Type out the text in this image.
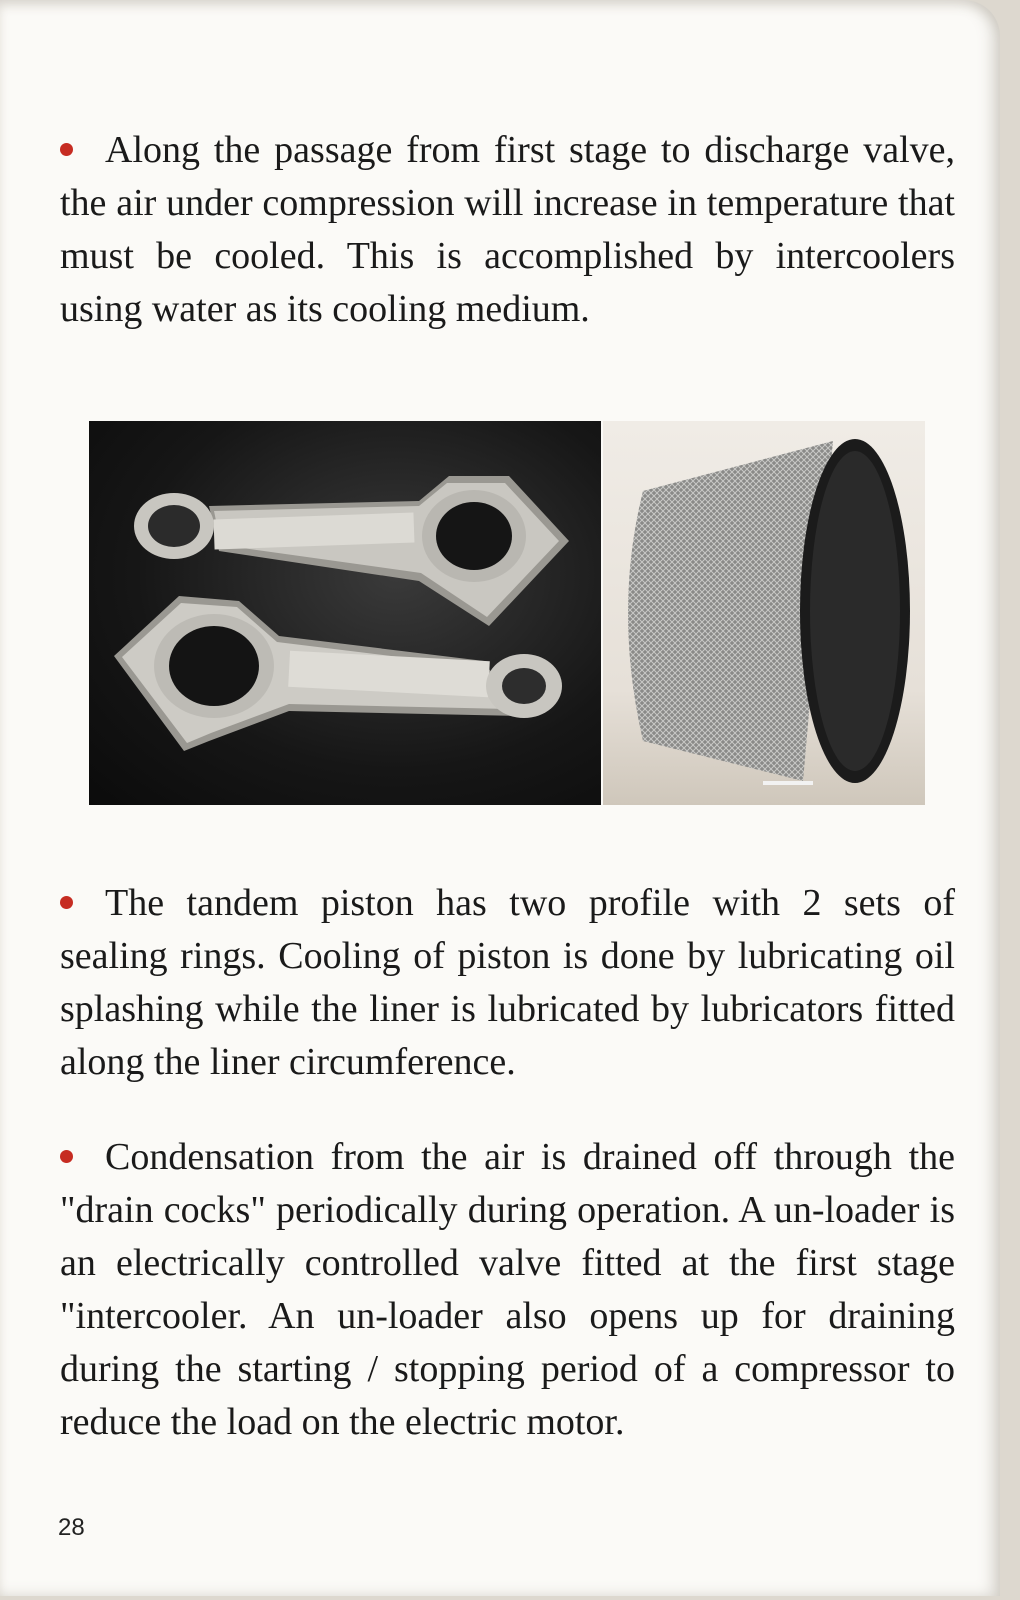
Along the passage from first stage to discharge valve, the air under compression will increase in temperature that must be cooled. This is accomplished by intercoolers using water as its cooling medium.

The tandem piston has two profile with 2 sets of sealing rings. Cooling of piston is done by lubricating oil splashing while the liner is lubricated by lubricators fitted along the liner circumference.

Condensation from the air is drained off through the "drain cocks" periodically during operation. A un-loader is an electrically controlled valve fitted at the first stage "intercooler. An un-loader also opens up for draining during the starting / stopping period of a compressor to reduce the load on the electric motor.

28
